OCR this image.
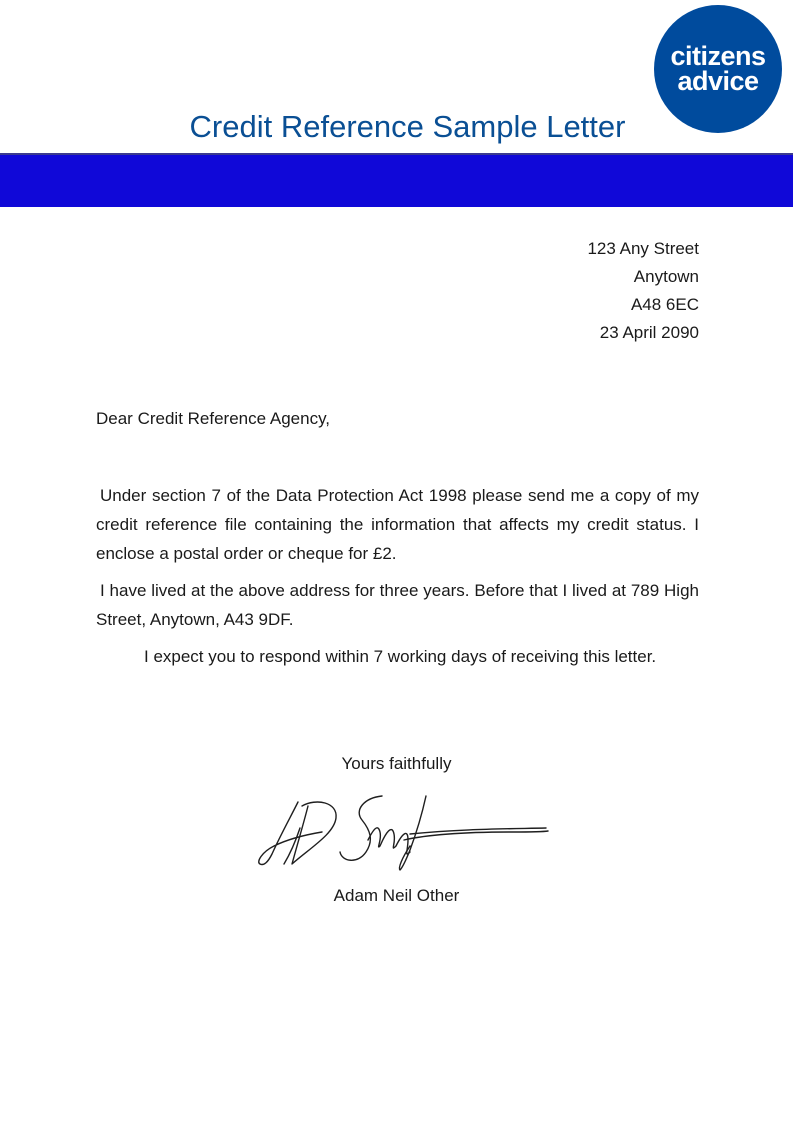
citizens
advice
Credit Reference Sample Letter
123 Any Street
Anytown
A48 6EC
23 April 2090
Dear Credit Reference Agency,

Under section 7 of the Data Protection Act 1998 please send me a copy of my credit reference file containing the information that affects my credit status. I enclose a postal order or cheque for £2.

I have lived at the above address for three years. Before that I lived at 789 High Street, Anytown, A43 9DF.

I expect you to respond within 7 working days of receiving this letter.

Yours faithfully
Adam Neil Other
